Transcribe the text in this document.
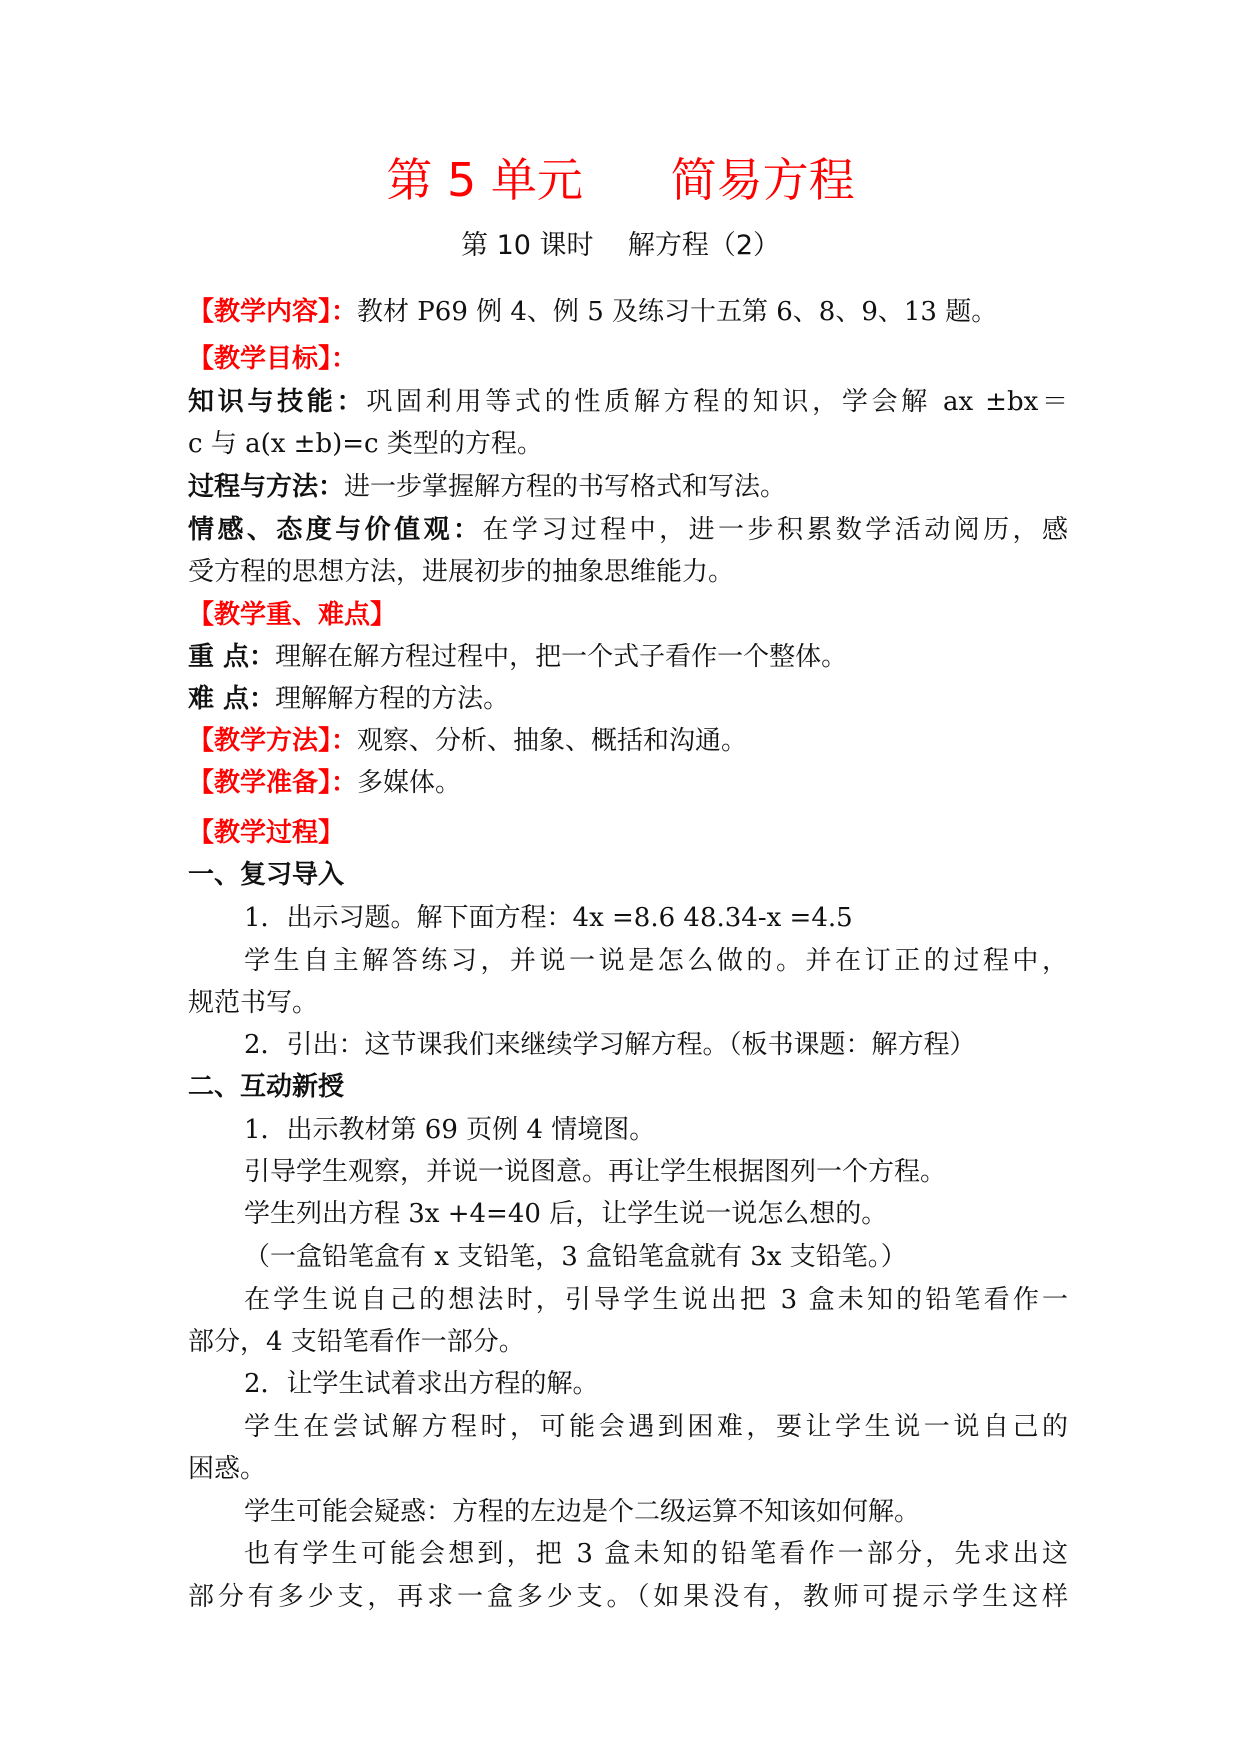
第 5 单元      简易方程
第 10 课时    解方程（2）
【教学内容】：教材 P69 例 4、例 5 及练习十五第 6、8、9、13 题。
【教学目标】：
知识与技能：巩固利用等式的性质解方程的知识，学会解 ax ±bx＝
c 与 a(x ±b)=c 类型的方程。
过程与方法：进一步掌握解方程的书写格式和写法。
情感、态度与价值观：在学习过程中，进一步积累数学活动阅历，感
受方程的思想方法，进展初步的抽象思维能力。
【教学重、难点】
重 点：理解在解方程过程中，把一个式子看作一个整体。
难 点：理解解方程的方法。
【教学方法】：观察、分析、抽象、概括和沟通。
【教学准备】：多媒体。
【教学过程】
一、复习导入
1．出示习题。解下面方程：4x =8.6 48.34-x =4.5
学生自主解答练习，并说一说是怎么做的。并在订正的过程中，
规范书写。
2．引出：这节课我们来继续学习解方程。（板书课题：解方程）
二、互动新授
1．出示教材第 69 页例 4 情境图。
引导学生观察，并说一说图意。再让学生根据图列一个方程。
学生列出方程 3x +4=40 后，让学生说一说怎么想的。
（一盒铅笔盒有 x 支铅笔，3 盒铅笔盒就有 3x 支铅笔。）
在学生说自己的想法时，引导学生说出把 3 盒未知的铅笔看作一
部分，4 支铅笔看作一部分。
2．让学生试着求出方程的解。
学生在尝试解方程时，可能会遇到困难，要让学生说一说自己的
困惑。
学生可能会疑惑：方程的左边是个二级运算不知该如何解。
也有学生可能会想到，把 3 盒未知的铅笔看作一部分，先求出这
部分有多少支，再求一盒多少支。（如果没有，教师可提示学生这样
